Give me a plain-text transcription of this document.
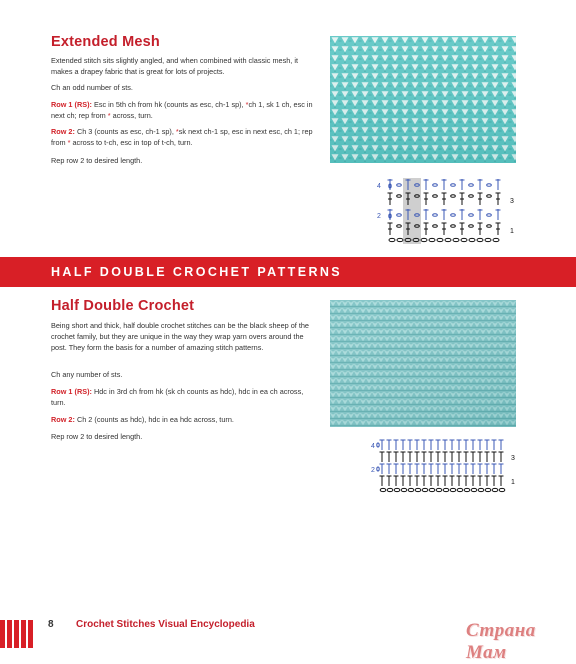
Extended Mesh

Extended stitch sits slightly angled, and when combined with classic mesh, it makes a drapey fabric that is great for lots of projects.

Ch an odd number of sts.

Row 1 (RS): Esc in 5th ch from hk (counts as esc, ch-1 sp), *ch 1, sk 1 ch, esc in next ch; rep from * across, turn.

Row 2: Ch 3 (counts as esc, ch-1 sp), *sk next ch-1 sp, esc in next esc, ch 1; rep from * across to t-ch, esc in top of t-ch, turn.

Rep row 2 to desired length.

4
2
3
1
HALF DOUBLE CROCHET PATTERNS
Half Double Crochet

Being short and thick, half double crochet stitches can be the black sheep of the crochet family, but they are unique in the way they wrap yarn overs around the post. They form the basis for a number of amazing stitch patterns.

Ch any number of sts.

Row 1 (RS): Hdc in 3rd ch from hk (sk ch counts as hdc), hdc in ea ch across, turn.

Row 2: Ch 2 (counts as hdc), hdc in ea hdc across, turn.

Rep row 2 to desired length.

4
2
3
1
8 Crochet Stitches Visual Encyclopedia	Страна Мам
